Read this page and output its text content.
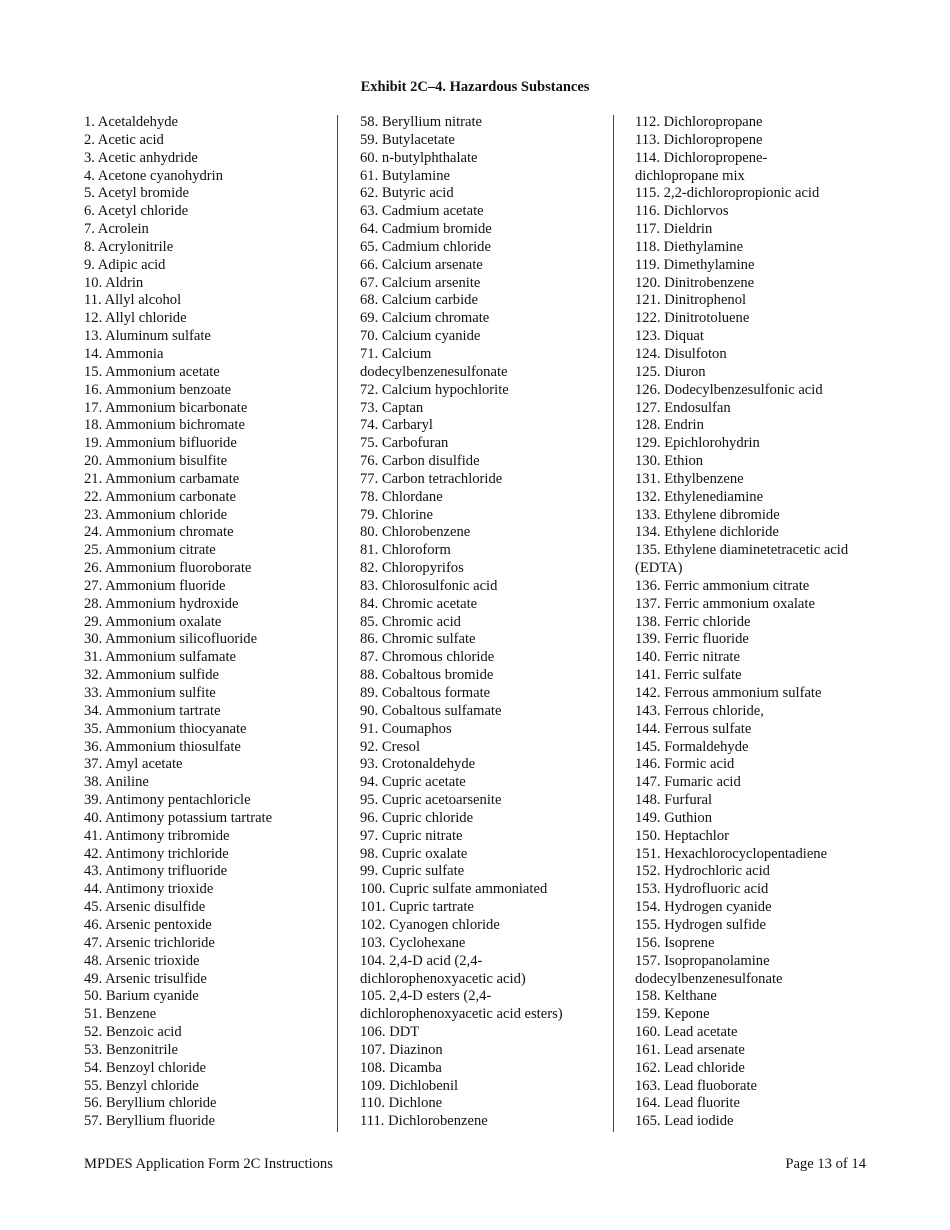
Exhibit 2C–4. Hazardous Substances
1. Acetaldehyde
2. Acetic acid
3. Acetic anhydride
4. Acetone cyanohydrin
5. Acetyl bromide
6. Acetyl chloride
7. Acrolein
8. Acrylonitrile
9. Adipic acid
10. Aldrin
11. Allyl alcohol
12. Allyl chloride
13. Aluminum sulfate
14. Ammonia
15. Ammonium acetate
16. Ammonium benzoate
17. Ammonium bicarbonate
18. Ammonium bichromate
19. Ammonium bifluoride
20. Ammonium bisulfite
21. Ammonium carbamate
22. Ammonium carbonate
23. Ammonium chloride
24. Ammonium chromate
25. Ammonium citrate
26. Ammonium fluoroborate
27. Ammonium fluoride
28. Ammonium hydroxide
29. Ammonium oxalate
30. Ammonium silicofluoride
31. Ammonium sulfamate
32. Ammonium sulfide
33. Ammonium sulfite
34. Ammonium tartrate
35. Ammonium thiocyanate
36. Ammonium thiosulfate
37. Amyl acetate
38. Aniline
39. Antimony pentachloricle
40. Antimony potassium tartrate
41. Antimony tribromide
42. Antimony trichloride
43. Antimony trifluoride
44. Antimony trioxide
45. Arsenic disulfide
46. Arsenic pentoxide
47. Arsenic trichloride
48. Arsenic trioxide
49. Arsenic trisulfide
50. Barium cyanide
51. Benzene
52. Benzoic acid
53. Benzonitrile
54. Benzoyl chloride
55. Benzyl chloride
56. Beryllium chloride
57. Beryllium fluoride
58. Beryllium nitrate
59. Butylacetate
60. n-butylphthalate
61. Butylamine
62. Butyric acid
63. Cadmium acetate
64. Cadmium bromide
65. Cadmium chloride
66. Calcium arsenate
67. Calcium arsenite
68. Calcium carbide
69. Calcium chromate
70. Calcium cyanide
71. Calcium
dodecylbenzenesulfonate
72. Calcium hypochlorite
73. Captan
74. Carbaryl
75. Carbofuran
76. Carbon disulfide
77. Carbon tetrachloride
78. Chlordane
79. Chlorine
80. Chlorobenzene
81. Chloroform
82. Chloropyrifos
83. Chlorosulfonic acid
84. Chromic acetate
85. Chromic acid
86. Chromic sulfate
87. Chromous chloride
88. Cobaltous bromide
89. Cobaltous formate
90. Cobaltous sulfamate
91. Coumaphos
92. Cresol
93. Crotonaldehyde
94. Cupric acetate
95. Cupric acetoarsenite
96. Cupric chloride
97. Cupric nitrate
98. Cupric oxalate
99. Cupric sulfate
100. Cupric sulfate ammoniated
101. Cupric tartrate
102. Cyanogen chloride
103. Cyclohexane
104. 2,4-D acid (2,4-
dichlorophenoxyacetic acid)
105. 2,4-D esters (2,4-
dichlorophenoxyacetic acid esters)
106. DDT
107. Diazinon
108. Dicamba
109. Dichlobenil
110. Dichlone
111. Dichlorobenzene
112. Dichloropropane
113. Dichloropropene
114. Dichloropropene-
dichlopropane mix
115. 2,2-dichloropropionic acid
116. Dichlorvos
117. Dieldrin
118. Diethylamine
119. Dimethylamine
120. Dinitrobenzene
121. Dinitrophenol
122. Dinitrotoluene
123. Diquat
124. Disulfoton
125. Diuron
126. Dodecylbenzesulfonic acid
127. Endosulfan
128. Endrin
129. Epichlorohydrin
130. Ethion
131. Ethylbenzene
132. Ethylenediamine
133. Ethylene dibromide
134. Ethylene dichloride
135. Ethylene diaminetetracetic acid
(EDTA)
136. Ferric ammonium citrate
137. Ferric ammonium oxalate
138. Ferric chloride
139. Ferric fluoride
140. Ferric nitrate
141. Ferric sulfate
142. Ferrous ammonium sulfate
143. Ferrous chloride,
144. Ferrous sulfate
145. Formaldehyde
146. Formic acid
147. Fumaric acid
148. Furfural
149. Guthion
150. Heptachlor
151. Hexachlorocyclopentadiene
152. Hydrochloric acid
153. Hydrofluoric acid
154. Hydrogen cyanide
155. Hydrogen sulfide
156. Isoprene
157. Isopropanolamine
dodecylbenzenesulfonate
158. Kelthane
159. Kepone
160. Lead acetate
161. Lead arsenate
162. Lead chloride
163. Lead fluoborate
164. Lead fluorite
165. Lead iodide
MPDES Application Form 2C Instructions	Page 13 of 14
